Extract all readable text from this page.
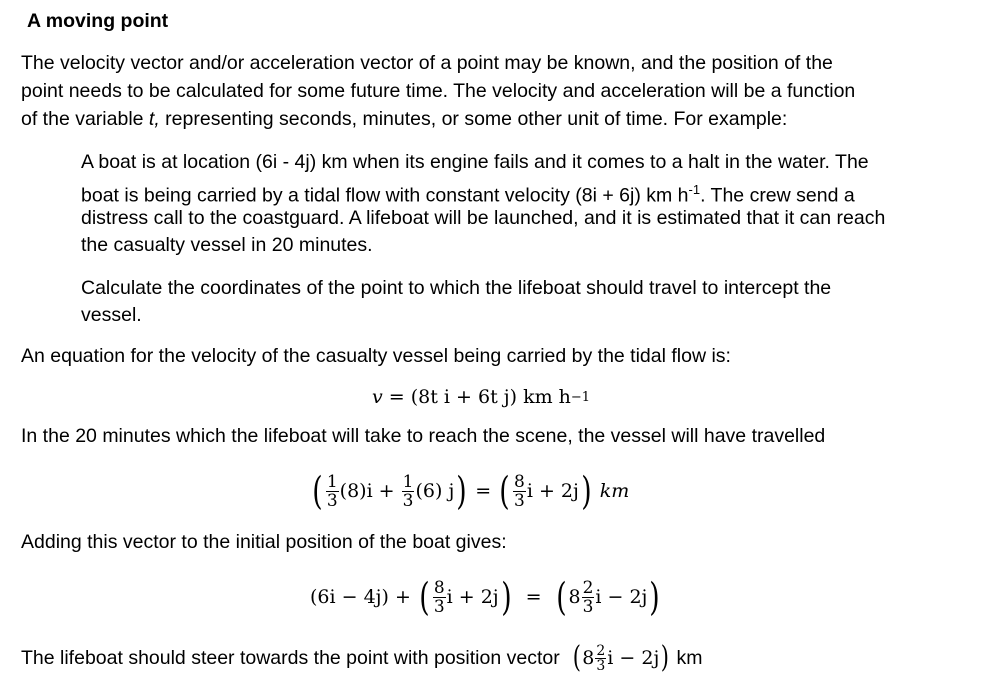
A moving point
The velocity vector and/or acceleration vector of a point may be known, and the position of the
point needs to be calculated for some future time. The velocity and acceleration will be a function
of the variable t, representing seconds, minutes, or some other unit of time. For example:
A boat is at location (6i - 4j) km when its engine fails and it comes to a halt in the water. The
boat is being carried by a tidal flow with constant velocity (8i + 6j) km $h^{-1}$. The crew send a
distress call to the coastguard. A lifeboat will be launched, and it is estimated that it can reach
the casualty vessel in 20 minutes.
Calculate the coordinates of the point to which the lifeboat should travel to intercept the
vessel.
An equation for the velocity of the casualty vessel being carried by the tidal flow is:
v
= (8t i + 6t j) km h −1
In the 20 minutes which the lifeboat will take to reach the scene, the vessel will have travelled
( $\frac{1}{3} (8)i$ +
$\frac{1}{3} (6)$ j )
=
( $\frac{8}{3}$ i + 2j )
km
Adding this vector to the initial position of the boat gives:
(6i − 4j) +
( $\frac{8}{3}$ i + 2j )
=
( $8 \frac{2}{3}$ i − 2j )
The lifeboat should steer towards the point with position vector
( $8 \frac{2}{3}$ i − 2j )
km
